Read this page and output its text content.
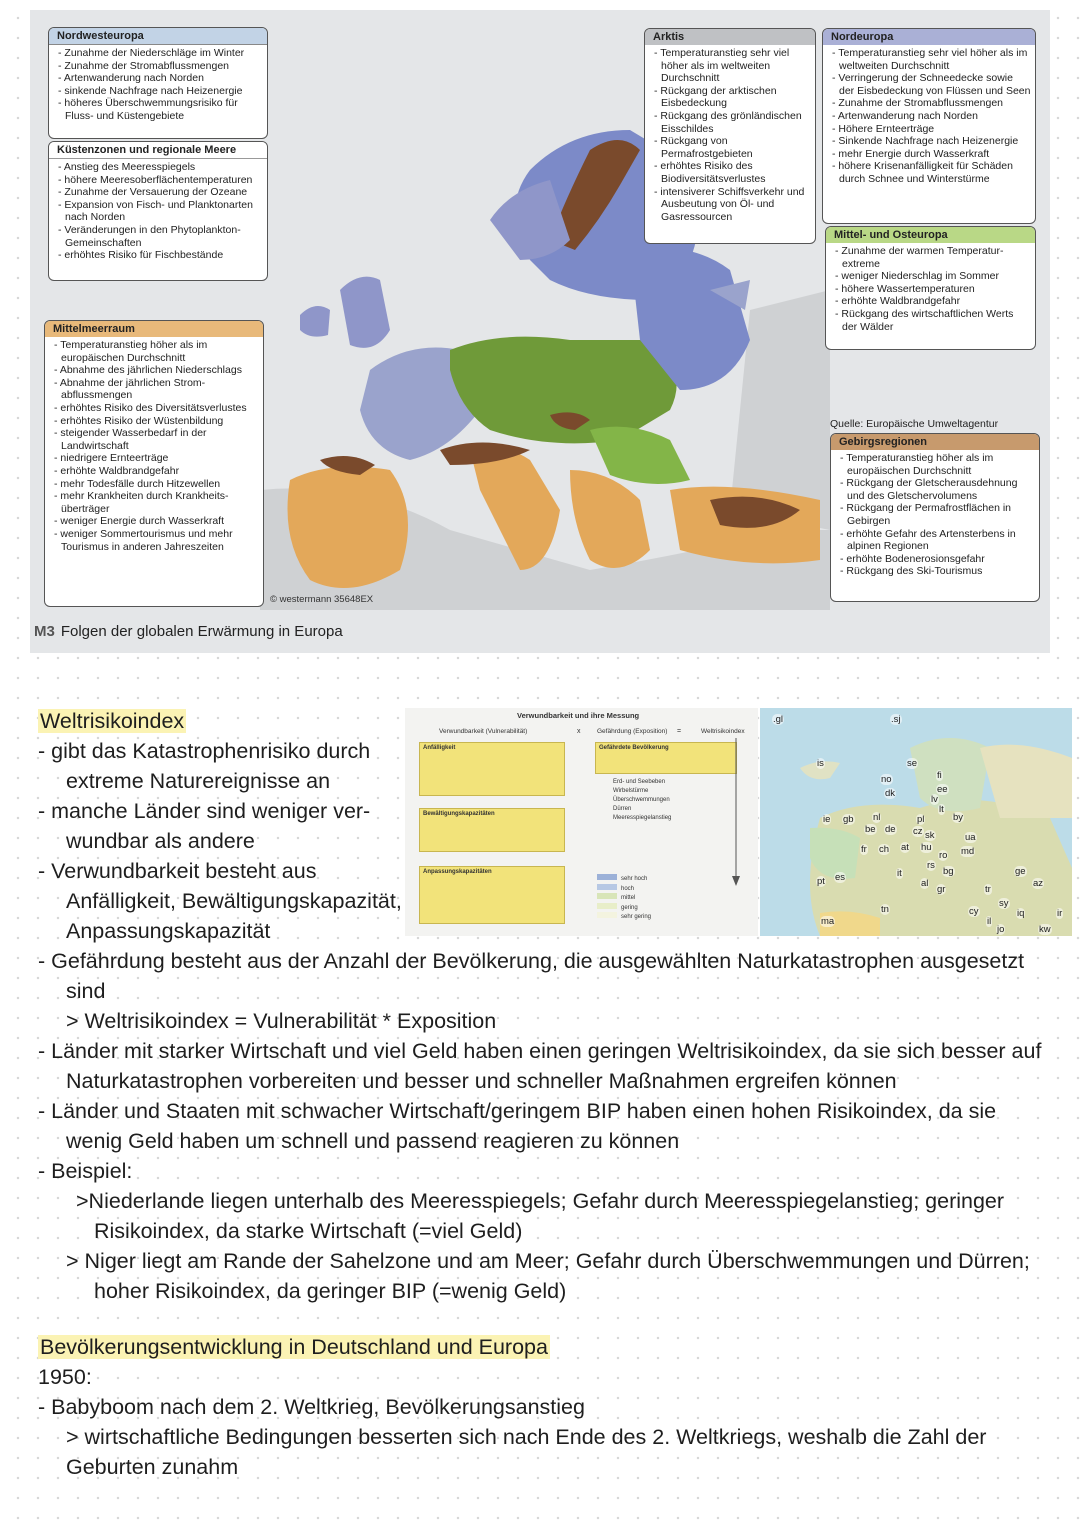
Nordwesteuropa
- Zunahme der Niederschläge im Winter
- Zunahme der Stromabflussmengen
- Artenwanderung nach Norden
- sinkende Nachfrage nach Heizenergie
- höheres Überschwemmungsrisiko für Fluss- und Küstengebiete
Küstenzonen und regionale Meere
- Anstieg des Meeresspiegels
- höhere Meeresoberflächentemperaturen
- Zunahme der Versauerung der Ozeane
- Expansion von Fisch- und Planktonarten nach Norden
- Veränderungen in den Phytoplankton-Gemeinschaften
- erhöhtes Risiko für Fischbestände
Mittelmeerraum
- Temperaturanstieg höher als im europäischen Durchschnitt
- Abnahme des jährlichen Niederschlags
- Abnahme der jährlichen Strom-abflussmengen
- erhöhtes Risiko des Diversitätsverlustes
- erhöhtes Risiko der Wüstenbildung
- steigender Wasserbedarf in der Landwirtschaft
- niedrigere Ernteerträge
- erhöhte Waldbrandgefahr
- mehr Todesfälle durch Hitzewellen
- mehr Krankheiten durch Krankheits-überträger
- weniger Energie durch Wasserkraft
- weniger Sommertourismus und mehr Tourismus in anderen Jahreszeiten
Arktis
- Temperaturanstieg sehr viel höher als im weltweiten Durchschnitt
- Rückgang der arktischen Eisbedeckung
- Rückgang des grönländischen Eisschildes
- Rückgang von Permafrostgebieten
- erhöhtes Risiko des Biodiversitätsverlustes
- intensiverer Schiffsverkehr und Ausbeutung von Öl- und Gasressourcen
Nordeuropa
- Temperaturanstieg sehr viel höher als im weltweiten Durchschnitt
- Verringerung der Schneedecke sowie der Eisbedeckung von Flüssen und Seen
- Zunahme der Stromabflussmengen
- Artenwanderung nach Norden
- Höhere Ernteerträge
- Sinkende Nachfrage nach Heizenergie
- mehr Energie durch Wasserkraft
- höhere Krisenanfälligkeit für Schäden durch Schnee und Winterstürme
Mittel- und Osteuropa
- Zunahme der warmen Temperatur-extreme
- weniger Niederschlag im Sommer
- höhere Wassertemperaturen
- erhöhte Waldbrandgefahr
- Rückgang des wirtschaftlichen Werts der Wälder
Quelle: Europäische Umweltagentur
Gebirgsregionen
- Temperaturanstieg höher als im europäischen Durchschnitt
- Rückgang der Gletscherausdehnung und des Gletschervolumens
- Rückgang der Permafrostflächen in Gebirgen
- erhöhte Gefahr des Artensterbens in alpinen Regionen
- erhöhte Bodenerosionsgefahr
- Rückgang des Ski-Tourismus
© westermann 35648EX
M3 Folgen der globalen Erwärmung in Europa
Verwundbarkeit und ihre Messung
Verwundbarkeit (Vulnerabilität)	x	Gefährdung (Exposition) =	Weltrisikoindex
Anfälligkeit
Bewältigungskapazitäten
Anpassungskapazitäten
Gefährdete Bevölkerung
Erd- und Seebeben
Wirbelstürme
Überschwemmungen
Dürren
Meeresspiegelanstieg
sehr hoch
hoch
mittel
gering
sehr gering
.gl	.sj
is	se
no	fi
ee
lv
dk
lt
ie gb nl	pl	by
be de cz sk	ua
fr ch at hu	md
ro
pt es	it
rs
bg
gr
al
tr
cy
sy
iq	ir
ge
az
il
jo	kw
ma
tn
Weltrisikoindex
- gibt das Katastrophenrisiko durch
extreme Naturereignisse an
- manche Länder sind weniger ver-
wundbar als andere
- Verwundbarkeit besteht aus
Anfälligkeit, Bewältigungskapazität,
Anpassungskapazität
- Gefährdung besteht aus der Anzahl der Bevölkerung, die ausgewählten Naturkatastrophen ausgesetzt
sind
> Weltrisikoindex = Vulnerabilität * Exposition
- Länder mit starker Wirtschaft und viel Geld haben einen geringen Weltrisikoindex, da sie sich besser auf
Naturkatastrophen vorbereiten und besser und schneller Maßnahmen ergreifen können
- Länder und Staaten mit schwacher Wirtschaft/geringem BIP haben einen hohen Risikoindex, da sie
wenig Geld haben um schnell und passend reagieren zu können
- Beispiel:
>Niederlande liegen unterhalb des Meeresspiegels; Gefahr durch Meeresspiegelanstieg; geringer
Risikoindex, da starke Wirtschaft (=viel Geld)
> Niger liegt am Rande der Sahelzone und am Meer; Gefahr durch Überschwemmungen und Dürren;
hoher Risikoindex, da geringer BIP (=wenig Geld)
Bevölkerungsentwicklung in Deutschland und Europa
1950:
- Babyboom nach dem 2. Weltkrieg, Bevölkerungsanstieg
> wirtschaftliche Bedingungen besserten sich nach Ende des 2. Weltkriegs, weshalb die Zahl der
Geburten zunahm
